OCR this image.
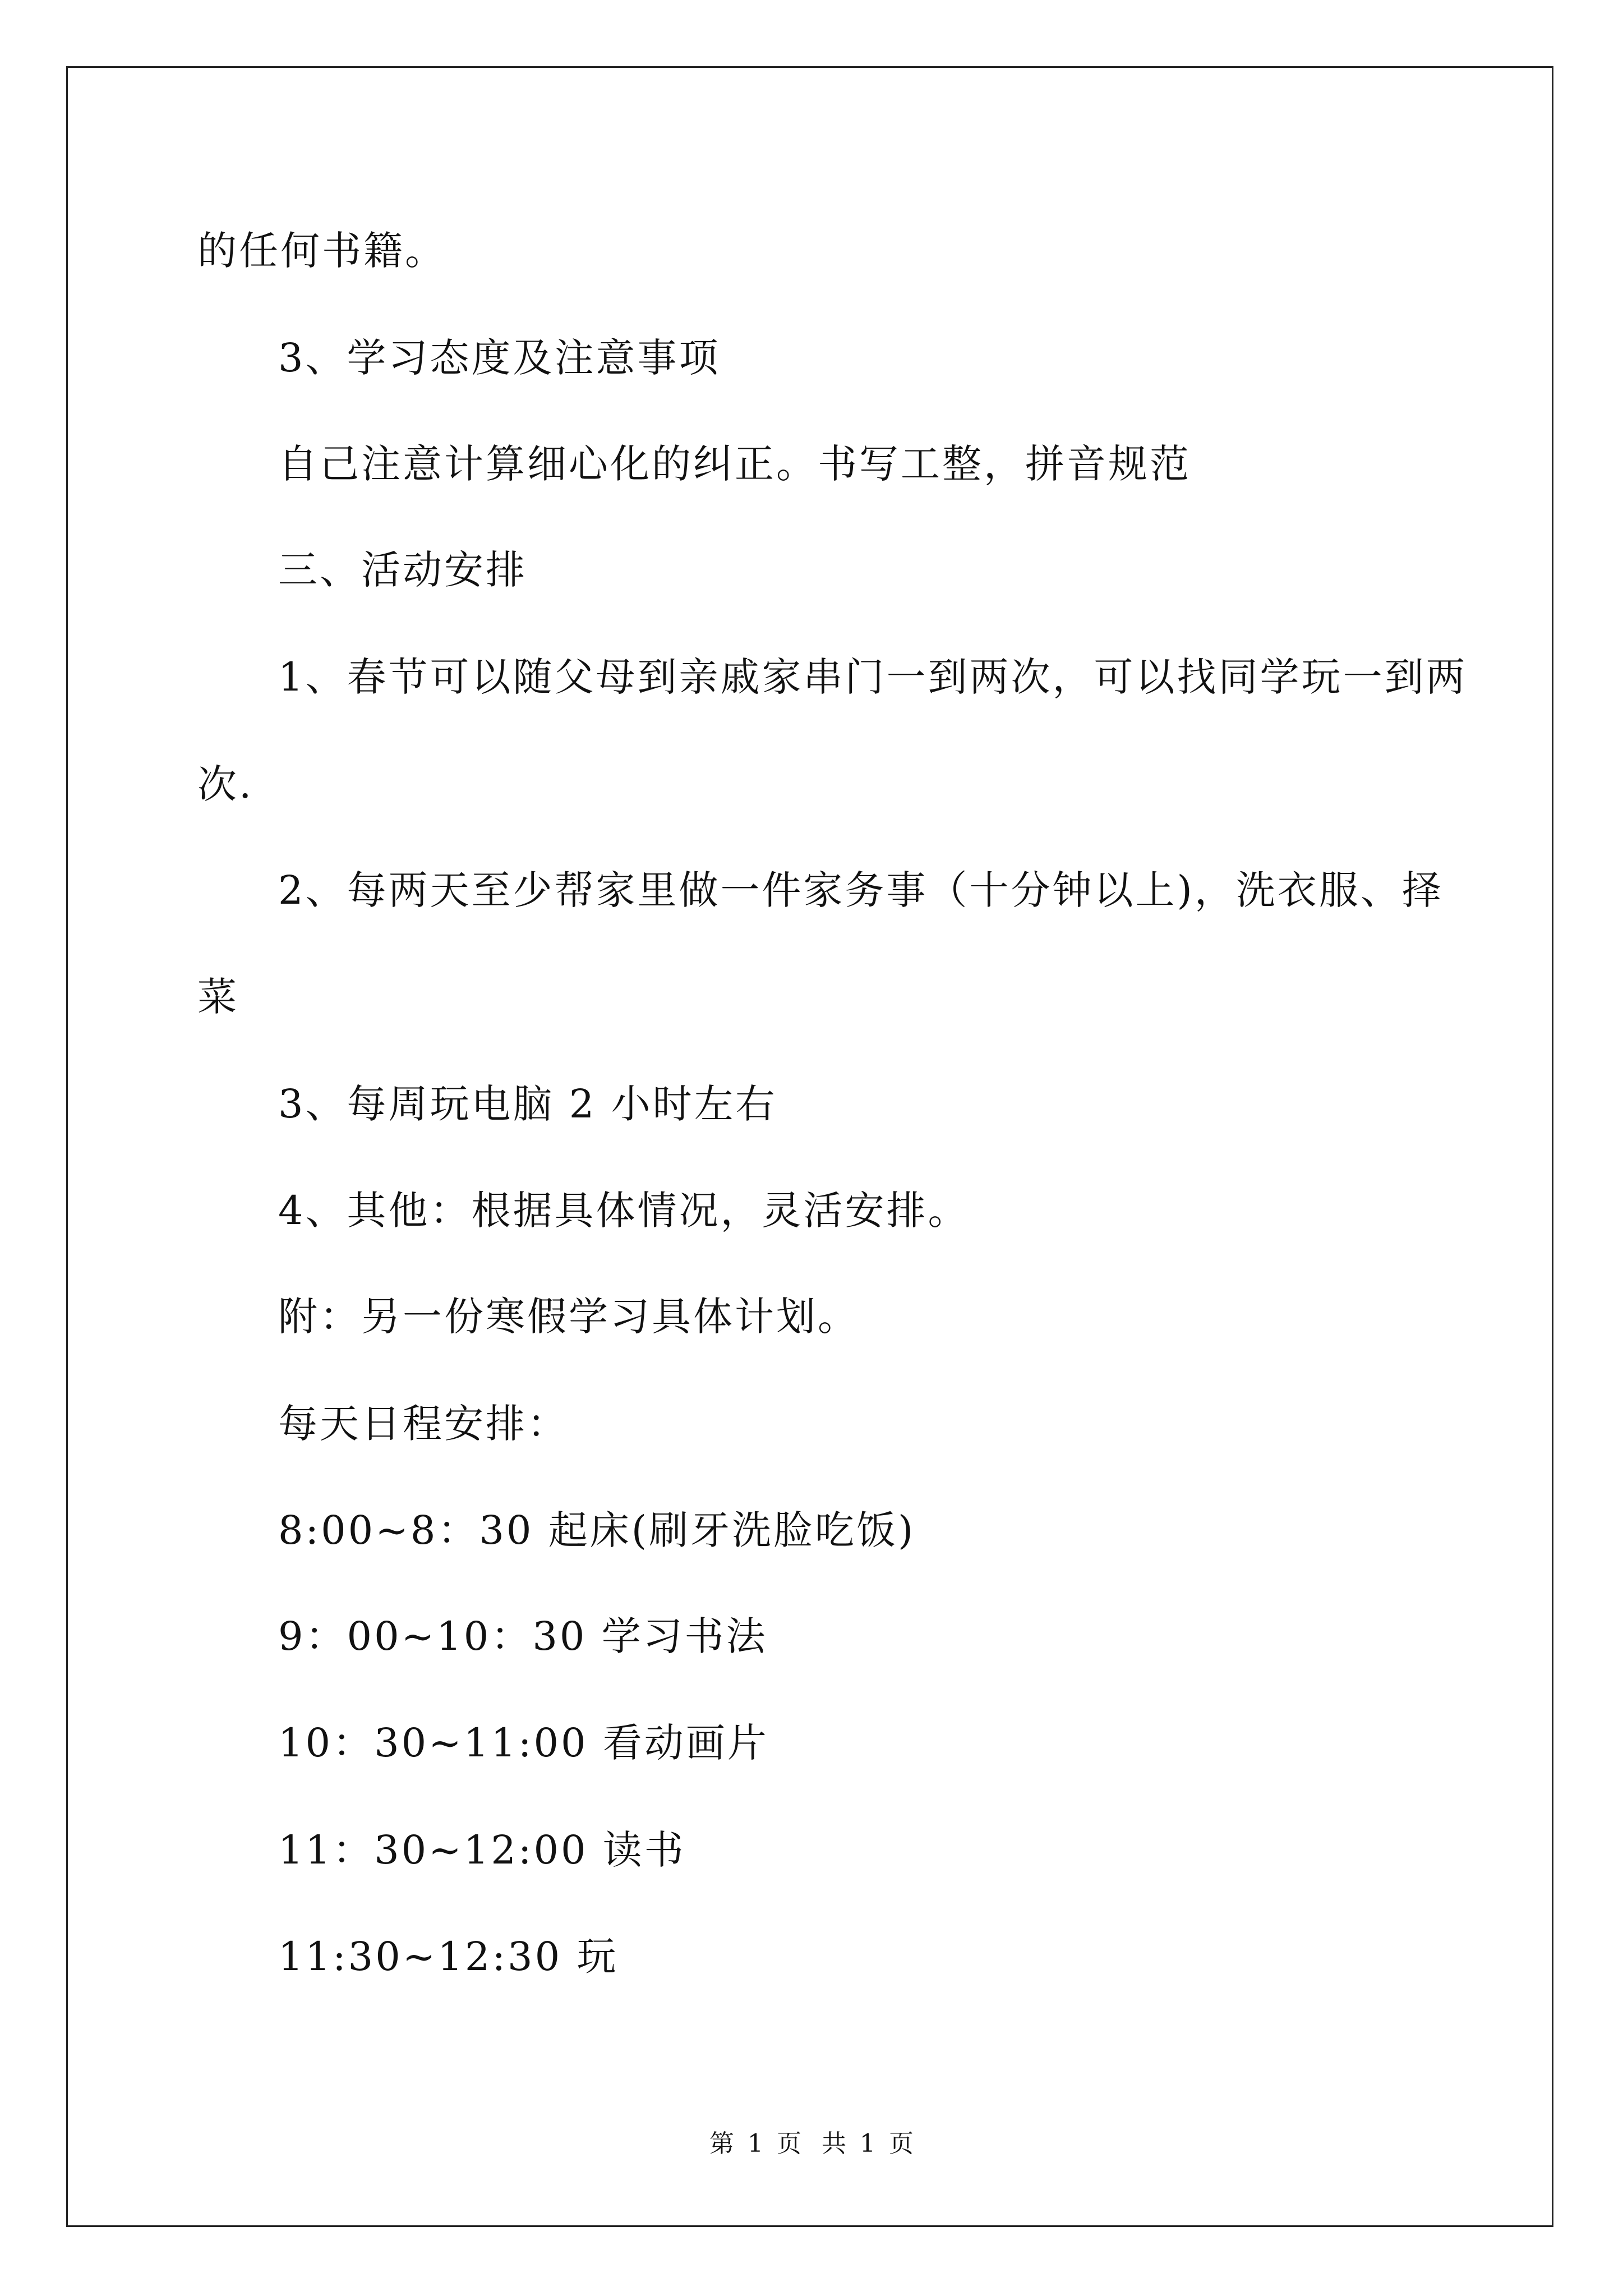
的任何书籍。
3、学习态度及注意事项
自己注意计算细心化的纠正。书写工整，拼音规范
三、活动安排
1、春节可以随父母到亲戚家串门一到两次，可以找同学玩一到两
次.
2、每两天至少帮家里做一件家务事（十分钟以上)，洗衣服、择
菜
3、每周玩电脑 2 小时左右
4、其他：根据具体情况，灵活安排。
附：另一份寒假学习具体计划。
每天日程安排：
8:00~8：30 起床(刷牙洗脸吃饭)
9：00~10：30 学习书法
10：30~11:00 看动画片
11：30~12:00 读书
11:30~12:30 玩
第 1 页 共 1 页
